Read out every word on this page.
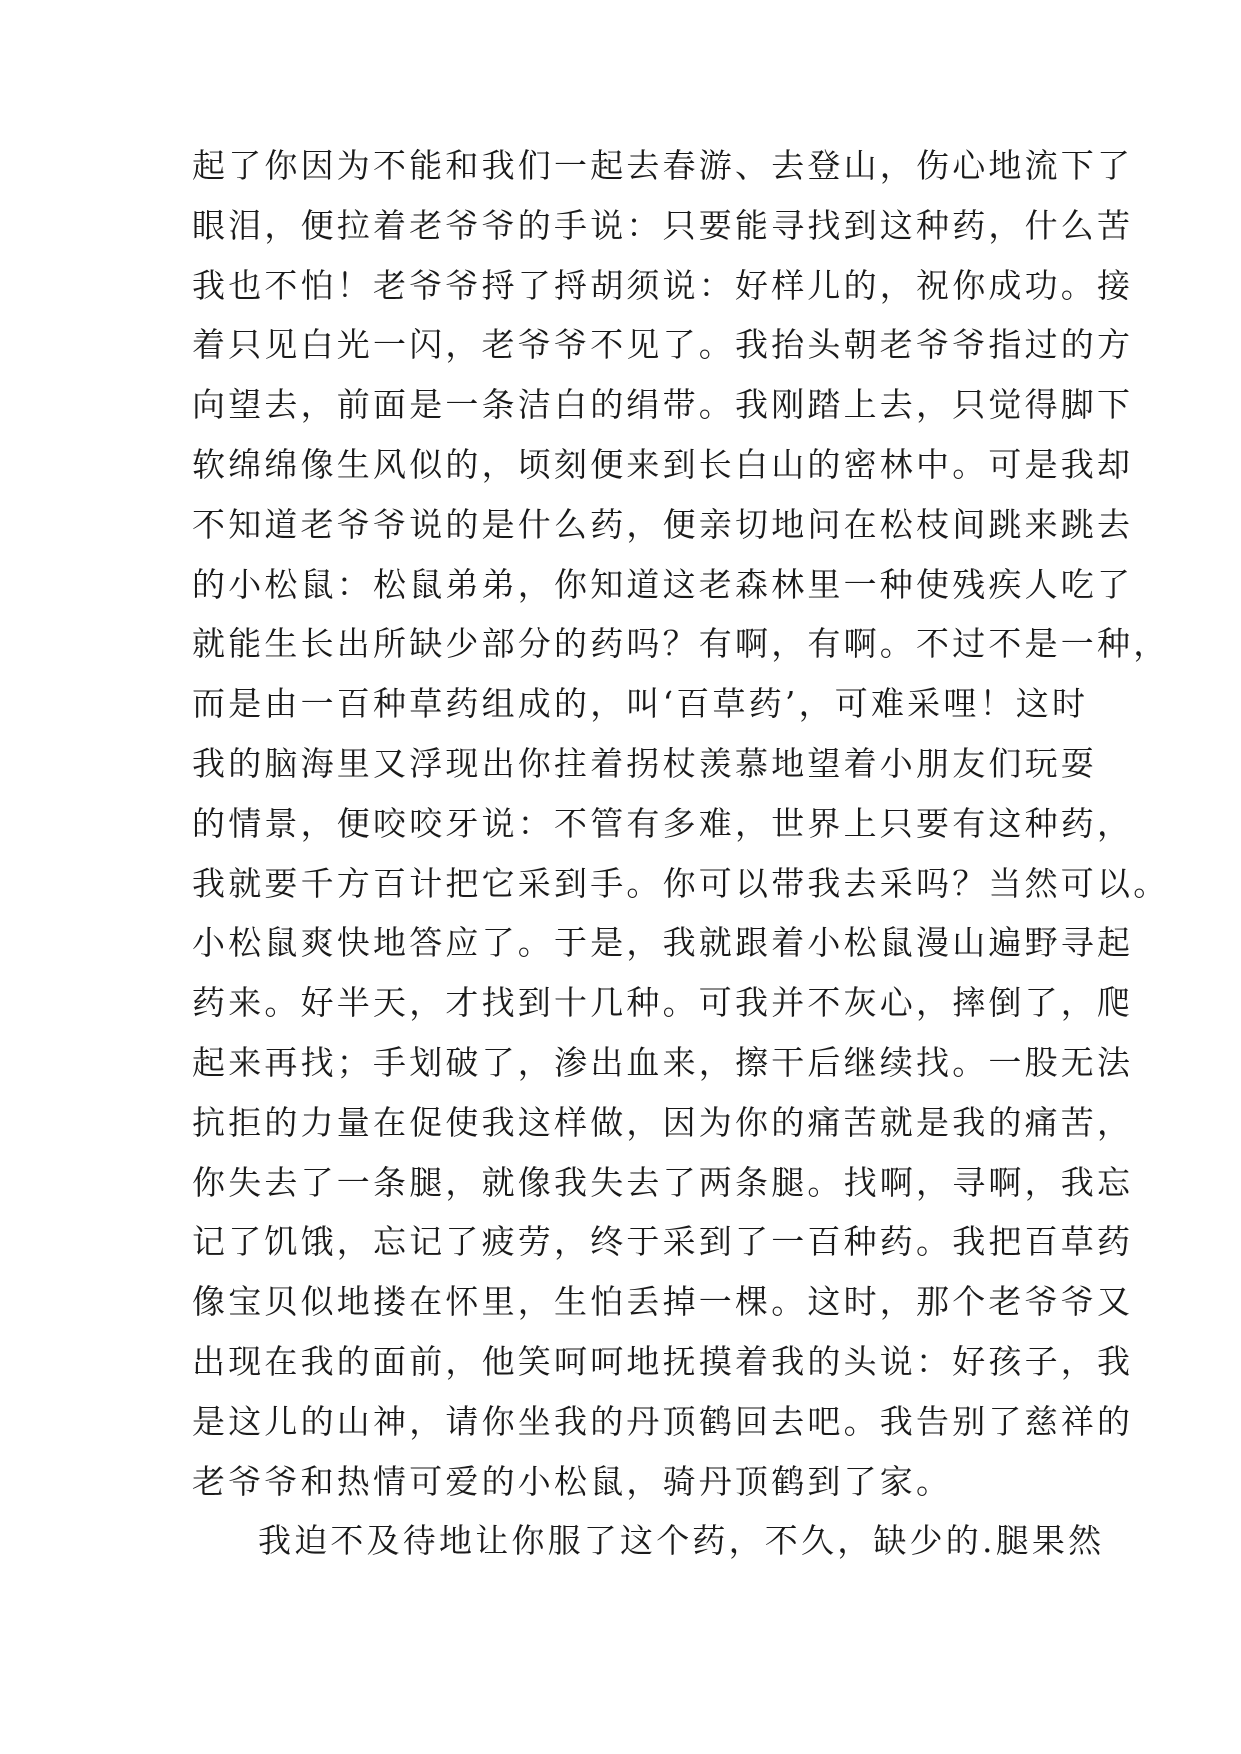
起了你因为不能和我们一起去春游、去登山，伤心地流下了
眼泪，便拉着老爷爷的手说：只要能寻找到这种药，什么苦
我也不怕！老爷爷捋了捋胡须说：好样儿的，祝你成功。接
着只见白光一闪，老爷爷不见了。我抬头朝老爷爷指过的方
向望去，前面是一条洁白的绢带。我刚踏上去，只觉得脚下
软绵绵像生风似的，顷刻便来到长白山的密林中。可是我却
不知道老爷爷说的是什么药，便亲切地问在松枝间跳来跳去
的小松鼠：松鼠弟弟，你知道这老森林里一种使残疾人吃了
就能生长出所缺少部分的药吗？有啊，有啊。不过不是一种，
而是由一百种草药组成的，叫‘百草药’，可难采哩！这时
我的脑海里又浮现出你拄着拐杖羡慕地望着小朋友们玩耍
的情景，便咬咬牙说：不管有多难，世界上只要有这种药，
我就要千方百计把它采到手。你可以带我去采吗？当然可以。
小松鼠爽快地答应了。于是，我就跟着小松鼠漫山遍野寻起
药来。好半天，才找到十几种。可我并不灰心，摔倒了，爬
起来再找；手划破了，渗出血来，擦干后继续找。一股无法
抗拒的力量在促使我这样做，因为你的痛苦就是我的痛苦，
你失去了一条腿，就像我失去了两条腿。找啊，寻啊，我忘
记了饥饿，忘记了疲劳，终于采到了一百种药。我把百草药
像宝贝似地搂在怀里，生怕丢掉一棵。这时，那个老爷爷又
出现在我的面前，他笑呵呵地抚摸着我的头说：好孩子，我
是这儿的山神，请你坐我的丹顶鹤回去吧。我告别了慈祥的
老爷爷和热情可爱的小松鼠，骑丹顶鹤到了家。
我迫不及待地让你服了这个药，不久，缺少的.腿果然
